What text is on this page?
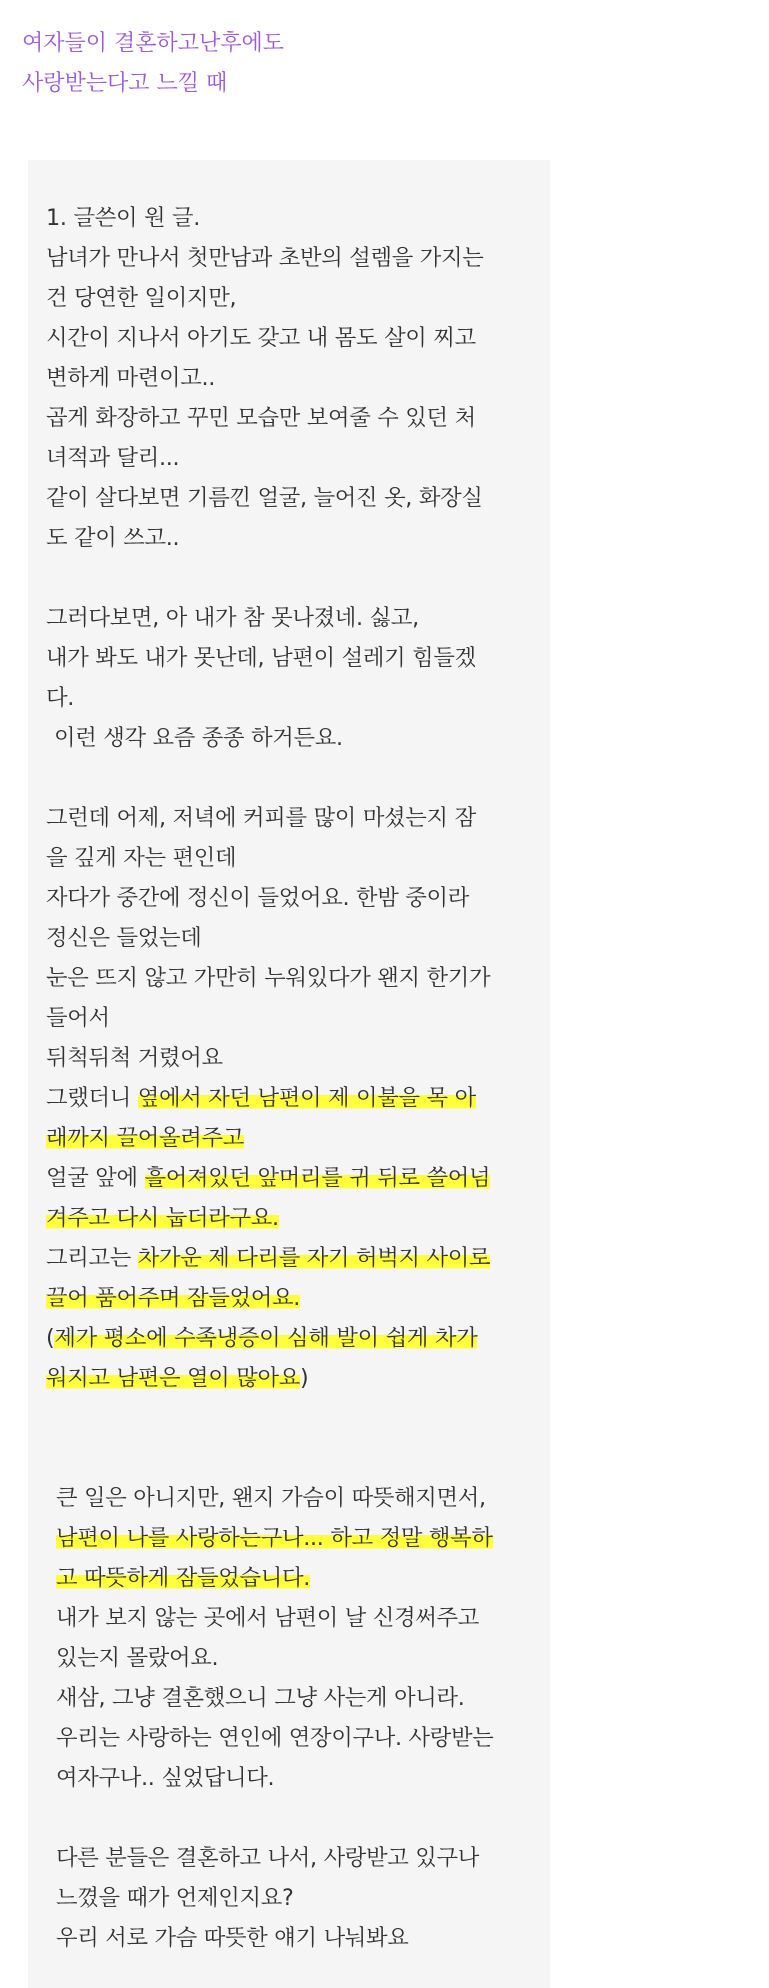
여자들이 결혼하고난후에도
사랑받는다고 느낄 때
1. 글쓴이 원 글.
남녀가 만나서 첫만남과 초반의 설렘을 가지는
건 당연한 일이지만,
시간이 지나서 아기도 갖고 내 몸도 살이 찌고
변하게 마련이고..
곱게 화장하고 꾸민 모습만 보여줄 수 있던 처
녀적과 달리...
같이 살다보면 기름낀 얼굴, 늘어진 옷, 화장실
도 같이 쓰고..
그러다보면, 아 내가 참 못나졌네. 싫고,
내가 봐도 내가 못난데, 남편이 설레기 힘들겠
다.
이런 생각 요즘 종종 하거든요.
그런데 어제, 저녁에 커피를 많이 마셨는지 잠
을 깊게 자는 편인데
자다가 중간에 정신이 들었어요. 한밤 중이라
정신은 들었는데
눈은 뜨지 않고 가만히 누워있다가 왠지 한기가
들어서
뒤척뒤척 거렸어요
그랬더니 옆에서 자던 남편이 제 이불을 목 아
래까지 끌어올려주고
얼굴 앞에 흘어져있던 앞머리를 귀 뒤로 쓸어넘
겨주고 다시 눕더라구요.
그리고는 차가운 제 다리를 자기 허벅지 사이로
끌어 품어주며 잠들었어요.
(제가 평소에 수족냉증이 심해 발이 쉽게 차가
워지고 남편은 열이 많아요)
큰 일은 아니지만, 왠지 가슴이 따뜻해지면서,
남편이 나를 사랑하는구나... 하고 정말 행복하
고 따뜻하게 잠들었습니다.
내가 보지 않는 곳에서 남편이 날 신경써주고
있는지 몰랐어요.
새삼, 그냥 결혼했으니 그냥 사는게 아니라.
우리는 사랑하는 연인에 연장이구나. 사랑받는
여자구나.. 싶었답니다.
다른 분들은 결혼하고 나서, 사랑받고 있구나
느꼈을 때가 언제인지요?
우리 서로 가슴 따뜻한 얘기 나눠봐요
